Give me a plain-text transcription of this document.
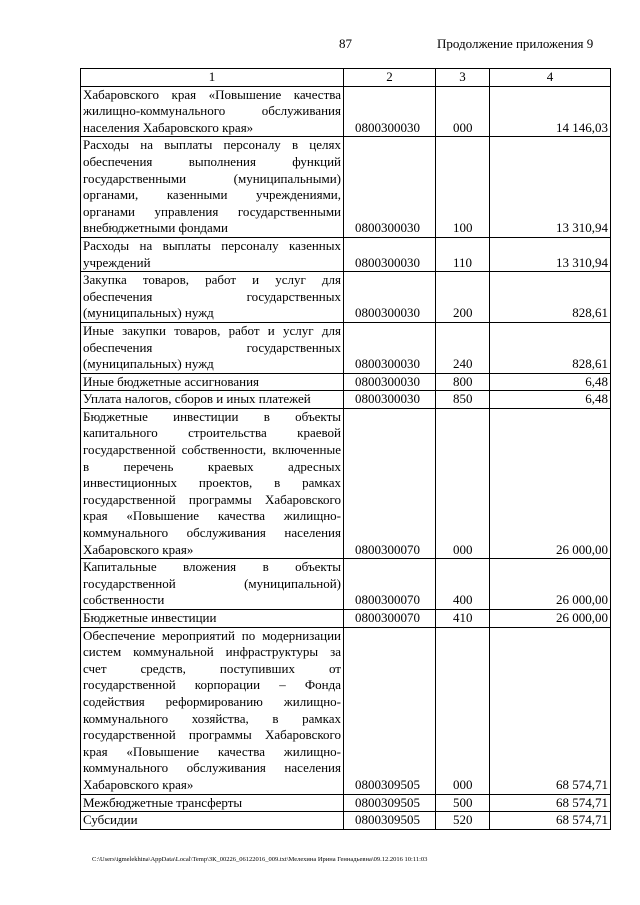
87	Продолжение приложения 9
1	2	3	4
Хабаровского края «Повышение качества жилищно-коммунального обслуживания населения Хабаровского края»	0800300030	000	14 146,03
Расходы на выплаты персоналу в целях обеспечения выполнения функций государственными (муниципальными) органами, казенными учреждениями, органами управления государственными внебюджетными фондами	0800300030	100	13 310,94
Расходы на выплаты персоналу казенных учреждений	0800300030	110	13 310,94
Закупка товаров, работ и услуг для обеспечения государственных (муниципальных) нужд	0800300030	200	828,61
Иные закупки товаров, работ и услуг для обеспечения государственных (муниципальных) нужд	0800300030	240	828,61
Иные бюджетные ассигнования	0800300030	800	6,48
Уплата налогов, сборов и иных платежей	0800300030	850	6,48
Бюджетные инвестиции в объекты капитального строительства краевой государственной собственности, включенные в перечень краевых адресных инвестиционных проектов, в рамках государственной программы Хабаровского края «Повышение качества жилищно-коммунального обслуживания населения Хабаровского края»	0800300070	000	26 000,00
Капитальные вложения в объекты государственной (муниципальной) собственности	0800300070	400	26 000,00
Бюджетные инвестиции	0800300070	410	26 000,00
Обеспечение мероприятий по модернизации систем коммунальной инфраструктуры за счет средств, поступивших от государственной корпорации – Фонда содействия реформированию жилищно-коммунального хозяйства, в рамках государственной программы Хабаровского края «Повышение качества жилищно-коммунального обслуживания населения Хабаровского края»	0800309505	000	68 574,71
Межбюджетные трансферты	0800309505	500	68 574,71
Субсидии	0800309505	520	68 574,71
C:\Users\igmelekhina\AppData\Local\Temp\ЗК_00226_06122016_009.txt\Мелехина Ирина Геннадьевна\09.12.2016 10:11:03
